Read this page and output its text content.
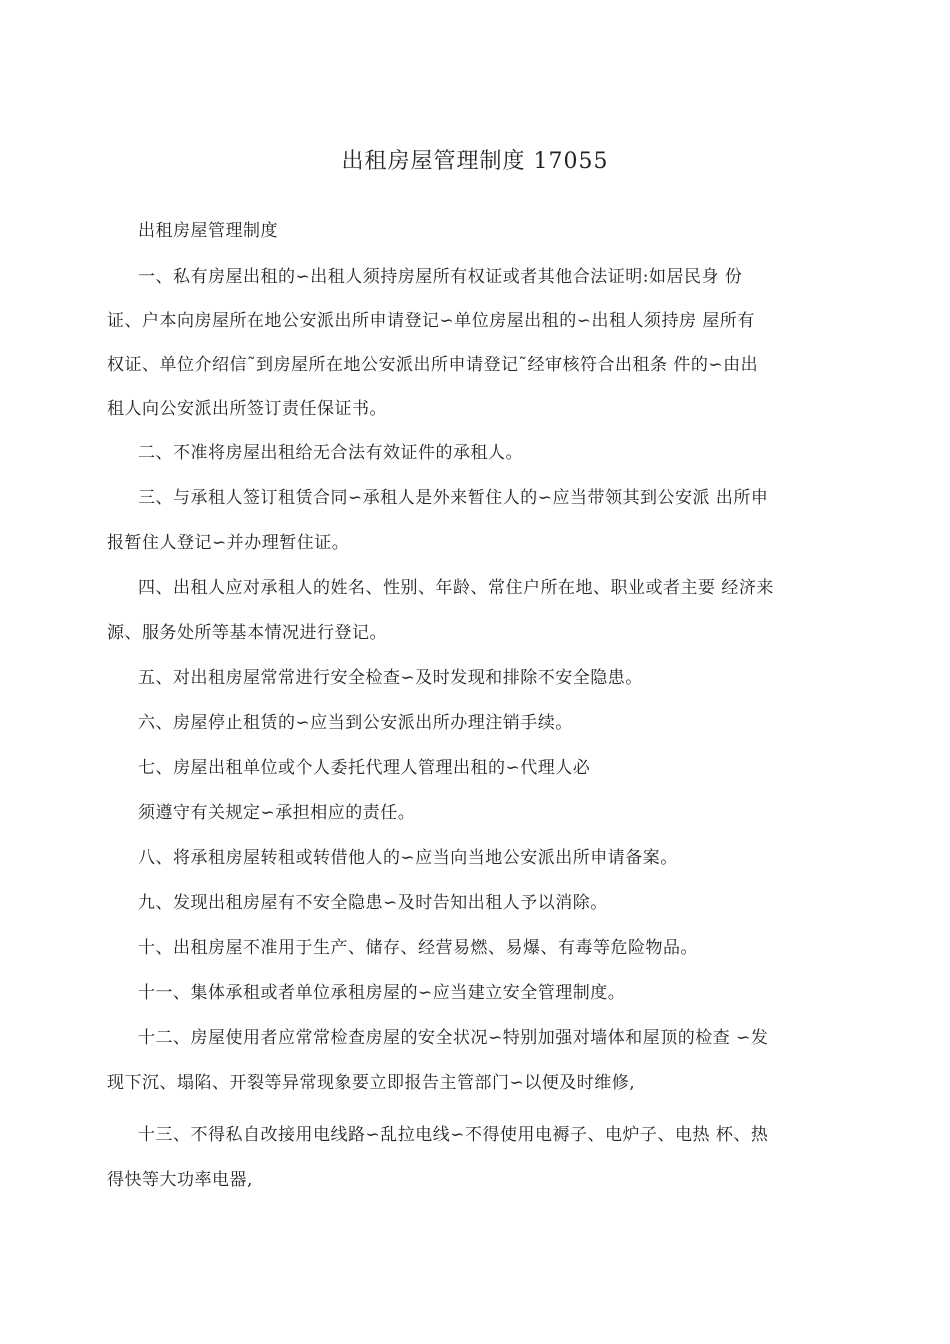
出租房屋管理制度 17055
出租房屋管理制度
一、私有房屋出租的∽出租人须持房屋所有权证或者其他合法证明:如居民身 份
证、户本向房屋所在地公安派出所申请登记∽单位房屋出租的∽出租人须持房 屋所有
权证、单位介绍信˜到房屋所在地公安派出所申请登记˜经审核符合出租条 件的∽由出
租人向公安派出所签订责任保证书。
二、不准将房屋出租给无合法有效证件的承租人。
三、与承租人签订租赁合同∽承租人是外来暂住人的∽应当带领其到公安派 出所申
报暂住人登记∽并办理暂住证。
四、出租人应对承租人的姓名、性别、年龄、常住户所在地、职业或者主要 经济来
源、服务处所等基本情况进行登记。
五、对出租房屋常常进行安全检查∽及时发现和排除不安全隐患。
六、房屋停止租赁的∽应当到公安派出所办理注销手续。
七、房屋出租单位或个人委托代理人管理出租的∽代理人必
须遵守有关规定∽承担相应的责任。
八、将承租房屋转租或转借他人的∽应当向当地公安派出所申请备案。
九、发现出租房屋有不安全隐患∽及时告知出租人予以消除。
十、出租房屋不准用于生产、储存、经营易燃、易爆、有毒等危险物品。
十一、集体承租或者单位承租房屋的∽应当建立安全管理制度。
十二、房屋使用者应常常检查房屋的安全状况∽特别加强对墙体和屋顶的检查 ∽发
现下沉、塌陷、开裂等异常现象要立即报告主管部门∽以便及时维修,
十三、不得私自改接用电线路∽乱拉电线∽不得使用电褥子、电炉子、电热 杯、热
得快等大功率电器,
